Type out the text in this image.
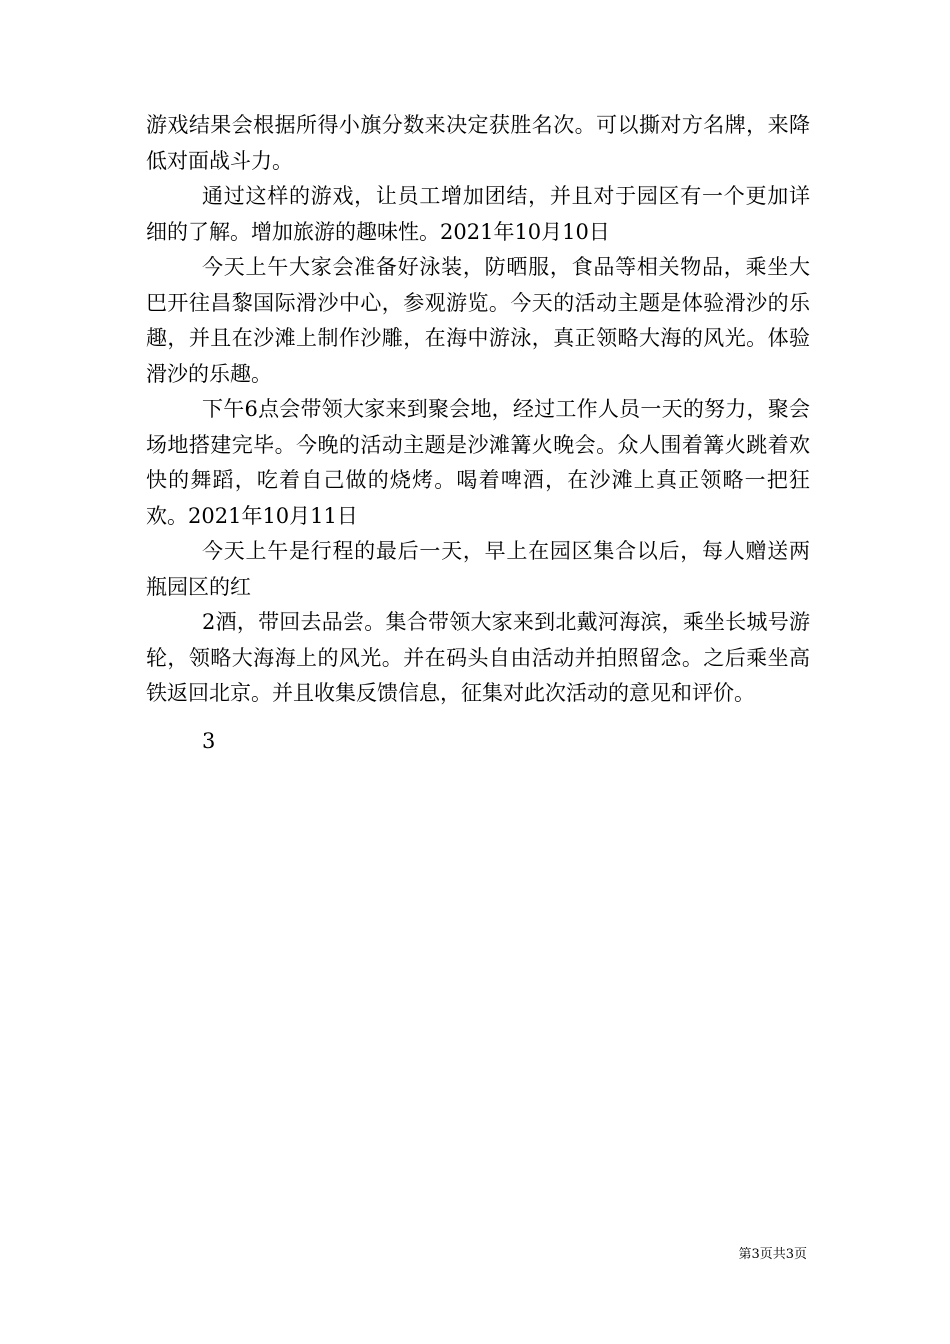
游戏结果会根据所得小旗分数来决定获胜名次。可以撕对方名牌，来降低对面战斗力。

通过这样的游戏，让员工增加团结，并且对于园区有一个更加详细的了解。增加旅游的趣味性。2021年10月10日

今天上午大家会准备好泳装，防晒服，食品等相关物品，乘坐大巴开往昌黎国际滑沙中心，参观游览。今天的活动主题是体验滑沙的乐趣，并且在沙滩上制作沙雕，在海中游泳，真正领略大海的风光。体验滑沙的乐趣。

下午6点会带领大家来到聚会地，经过工作人员一天的努力，聚会场地搭建完毕。今晚的活动主题是沙滩篝火晚会。众人围着篝火跳着欢快的舞蹈，吃着自己做的烧烤。喝着啤酒，在沙滩上真正领略一把狂欢。2021年10月11日

今天上午是行程的最后一天，早上在园区集合以后，每人赠送两瓶园区的红

2酒，带回去品尝。集合带领大家来到北戴河海滨，乘坐长城号游轮，领略大海海上的风光。并在码头自由活动并拍照留念。之后乘坐高铁返回北京。并且收集反馈信息，征集对此次活动的意见和评价。

3

第3页共3页
